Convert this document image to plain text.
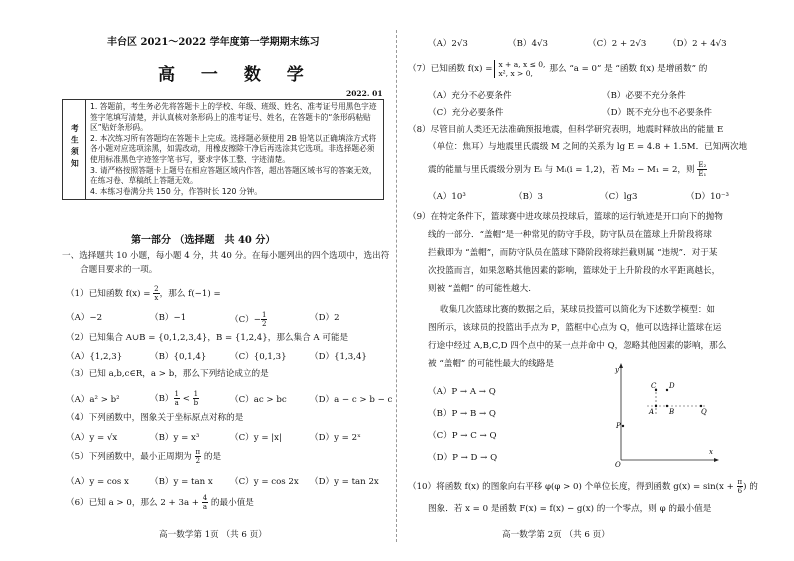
丰台区 2021～2022 学年度第一学期期末练习
高 一 数 学
2022. 01
考生须知	
1. 答题前，考生务必先将答题卡上的学校、年级、班级、姓名、准考证号用黑色字迹签字笔填写清楚，并认真核对条形码上的准考证号、姓名，在答题卡的“条形码粘贴区”贴好条形码。
2. 本次练习所有答题均在答题卡上完成。选择题必须使用 2B 铅笔以正确填涂方式将各小题对应选项涂黑，如需改动，用橡皮擦除干净后再选涂其它选项。非选择题必须使用标准黑色字迹签字笔书写，要求字体工整、字迹清楚。
3. 请严格按照答题卡上题号在相应答题区域内作答，超出答题区域书写的答案无效，在练习卷、草稿纸上答题无效。
4. 本练习卷满分共 150 分，作答时长 120 分钟。
第一部分 （选择题　共 40 分）
一、选择题共 10 小题，每小题 4 分，共 40 分。在每小题列出的四个选项中，选出符
合题目要求的一项。
（1）已知函数 $f(x) = \frac{2}{x}$ ，那么 f(−1) =
（A）−2	（B）−1	$(C)- \frac{1}{2}$	（D）2
（2）已知集合 A∪B = {0,1,2,3,4}，B = {1,2,4}，那么集合 A 可能是
（A）{1,2,3}	（B）{0,1,4}	（C）{0,1,3}	（D）{1,3,4}
（3）已知 a,b,c∈R，a > b，那么下列结论成立的是
（A）a² > b²	$(B) \frac{1}{a} < \frac{1}{b}$	（C）ac > bc	（D）a − c > b − c
（4）下列函数中，图象关于坐标原点对称的是
（A）y = √x	（B）y = x³	（C）y = |x|	（D）y = 2ˣ
（5）下列函数中，最小正周期为 $\frac{\pi}{2}$ 的是
（A）y = cos x	（B）y = tan x	（C）y = cos 2x	（D）y = tan 2x
（6）已知 a > 0，那么 $2 + 3a + \frac{4}{a}$ 的最小值是
高一数学第 1页 （共 6 页）
（A）2√3	（B）4√3	（C）2 + 2√3	（D）2 + 4√3
（7）已知函数 f(x) = x + a, x ≤ 0,
x², x > 0,	那么 “a = 0” 是 “函数 f(x) 是增函数” 的
（A）充分不必要条件	（B）必要不充分条件
（C）充分必要条件	（D）既不充分也不必要条件
（8）尽管目前人类还无法准确预报地震，但科学研究表明，地震时释放出的能量 E
（单位：焦耳）与地震里氏震级 M 之间的关系为 lg E = 4.8 + 1.5M．已知两次地
震的能量与里氏震级分别为 Eᵢ 与 Mᵢ(i = 1,2)，若 M₂ − M₁ = 2，则 $\frac{\text{E₂}}{\text{E₁}}$
（A）10³	（B）3	（C）lg3	（D）10⁻³
（9）在特定条件下，篮球赛中进攻球员投球后，篮球的运行轨迹是开口向下的抛物
线的一部分．“盖帽”是一种常见的防守手段，防守队员在篮球上升阶段将球
拦截即为 “盖帽”，而防守队员在篮球下降阶段将球拦截则属 “违规”．对于某
次投篮而言，如果忽略其他因素的影响，篮球处于上升阶段的水平距离越长，
则被 “盖帽” 的可能性越大.
收集几次篮球比赛的数据之后，某球员投篮可以简化为下述数学模型：如
图所示，该球员的投篮出手点为 P，篮框中心点为 Q，他可以选择让篮球在运
行途中经过 A,B,C,D 四个点中的某一点并命中 Q，忽略其他因素的影响，那么
被 “盖帽” 的可能性最大的线路是
（A）P → A → Q
（B）P → B → Q
（C）P → C → Q
（D）P → D → Q
（10）将函数 f(x) 的图象向右平移 φ(φ > 0) 个单位长度，得到函数 $g(x) = \sin(x + \frac{\pi}{6}$ ) 的
图象．若 x = 0 是函数 F(x) = f(x) − g(x) 的一个零点，则 φ 的最小值是
高一数学第 2页 （共 6 页）
y
x
O
C D
A B	Q
P
